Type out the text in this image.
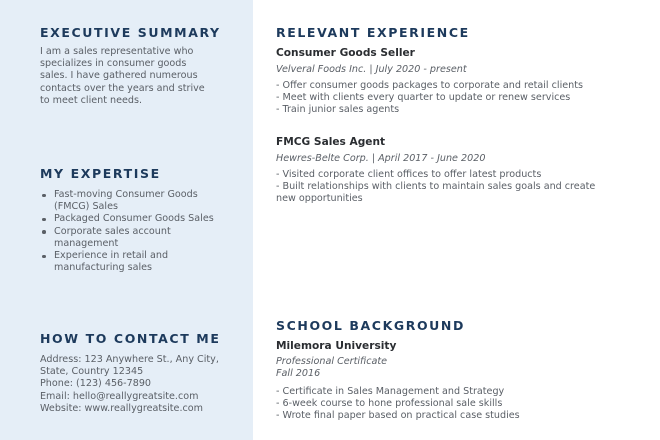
EXECUTIVE SUMMARY
I am a sales representative who
specializes in consumer goods
sales. I have gathered numerous
contacts over the years and strive
to meet client needs.
MY EXPERTISE
Fast-moving Consumer Goods
(FMCG) Sales
Packaged Consumer Goods Sales
Corporate sales account
management
Experience in retail and
manufacturing sales
HOW TO CONTACT ME
Address: 123 Anywhere St., Any City,
State, Country 12345
Phone: (123) 456-7890
Email: hello@reallygreatsite.com
Website: www.reallygreatsite.com
RELEVANT EXPERIENCE
Consumer Goods Seller
Velveral Foods Inc. | July 2020 - present
- Offer consumer goods packages to corporate and retail clients
- Meet with clients every quarter to update or renew services
- Train junior sales agents
FMCG Sales Agent
Hewres-Belte Corp. | April 2017 - June 2020
- Visited corporate client offices to offer latest products
- Built relationships with clients to maintain sales goals and create
new opportunities
SCHOOL BACKGROUND
Milemora University
Professional Certificate
Fall 2016
- Certificate in Sales Management and Strategy
- 6-week course to hone professional sale skills
- Wrote final paper based on practical case studies
